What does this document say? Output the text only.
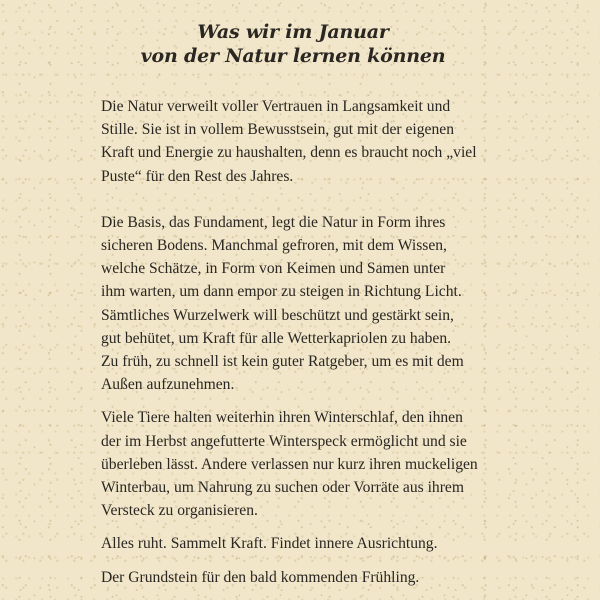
Was wir im Januar
von der Natur lernen können

Die Natur verweilt voller Vertrauen in Langsamkeit und
Stille. Sie ist in vollem Bewusstsein, gut mit der eigenen
Kraft und Energie zu haushalten, denn es braucht noch „viel
Puste“ für den Rest des Jahres.

Die Basis, das Fundament, legt die Natur in Form ihres
sicheren Bodens. Manchmal gefroren, mit dem Wissen,
welche Schätze, in Form von Keimen und Samen unter
ihm warten, um dann empor zu steigen in Richtung Licht.
Sämtliches Wurzelwerk will beschützt und gestärkt sein,
gut behütet, um Kraft für alle Wetterkapriolen zu haben.
Zu früh, zu schnell ist kein guter Ratgeber, um es mit dem
Außen aufzunehmen.

Viele Tiere halten weiterhin ihren Winterschlaf, den ihnen
der im Herbst angefutterte Winterspeck ermöglicht und sie
überleben lässt. Andere verlassen nur kurz ihren muckeligen
Winterbau, um Nahrung zu suchen oder Vorräte aus ihrem
Versteck zu organisieren.

Alles ruht. Sammelt Kraft. Findet innere Ausrichtung.

Der Grundstein für den bald kommenden Frühling.
